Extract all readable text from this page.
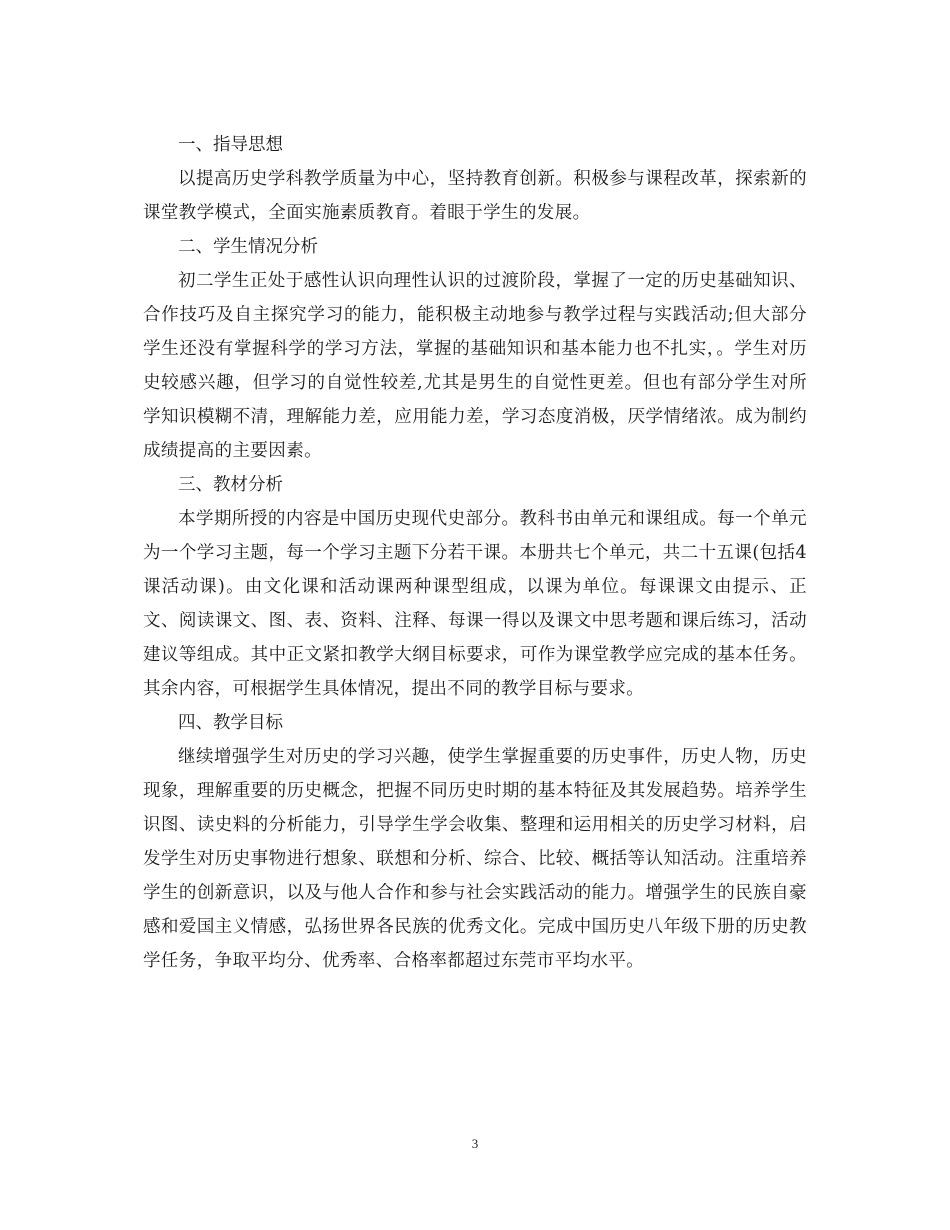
一、指导思想

以提高历史学科教学质量为中心，坚持教育创新。积极参与课程改革，探索新的课堂教学模式，全面实施素质教育。着眼于学生的发展。

二、学生情况分析

初二学生正处于感性认识向理性认识的过渡阶段，掌握了一定的历史基础知识、合作技巧及自主探究学习的能力，能积极主动地参与教学过程与实践活动;但大部分学生还没有掌握科学的学习方法，掌握的基础知识和基本能力也不扎实，。学生对历史较感兴趣，但学习的自觉性较差,尤其是男生的自觉性更差。但也有部分学生对所学知识模糊不清，理解能力差，应用能力差，学习态度消极，厌学情绪浓。成为制约成绩提高的主要因素。

三、教材分析

本学期所授的内容是中国历史现代史部分。教科书由单元和课组成。每一个单元为一个学习主题，每一个学习主题下分若干课。本册共七个单元，共二十五课(包括4课活动课)。由文化课和活动课两种课型组成，以课为单位。每课课文由提示、正文、阅读课文、图、表、资料、注释、每课一得以及课文中思考题和课后练习，活动建议等组成。其中正文紧扣教学大纲目标要求，可作为课堂教学应完成的基本任务。其余内容，可根据学生具体情况，提出不同的教学目标与要求。

四、教学目标

继续增强学生对历史的学习兴趣，使学生掌握重要的历史事件，历史人物，历史现象，理解重要的历史概念，把握不同历史时期的基本特征及其发展趋势。培养学生识图、读史料的分析能力，引导学生学会收集、整理和运用相关的历史学习材料，启发学生对历史事物进行想象、联想和分析、综合、比较、概括等认知活动。注重培养学生的创新意识，以及与他人合作和参与社会实践活动的能力。增强学生的民族自豪感和爱国主义情感，弘扬世界各民族的优秀文化。完成中国历史八年级下册的历史教学任务，争取平均分、优秀率、合格率都超过东莞市平均水平。

3
